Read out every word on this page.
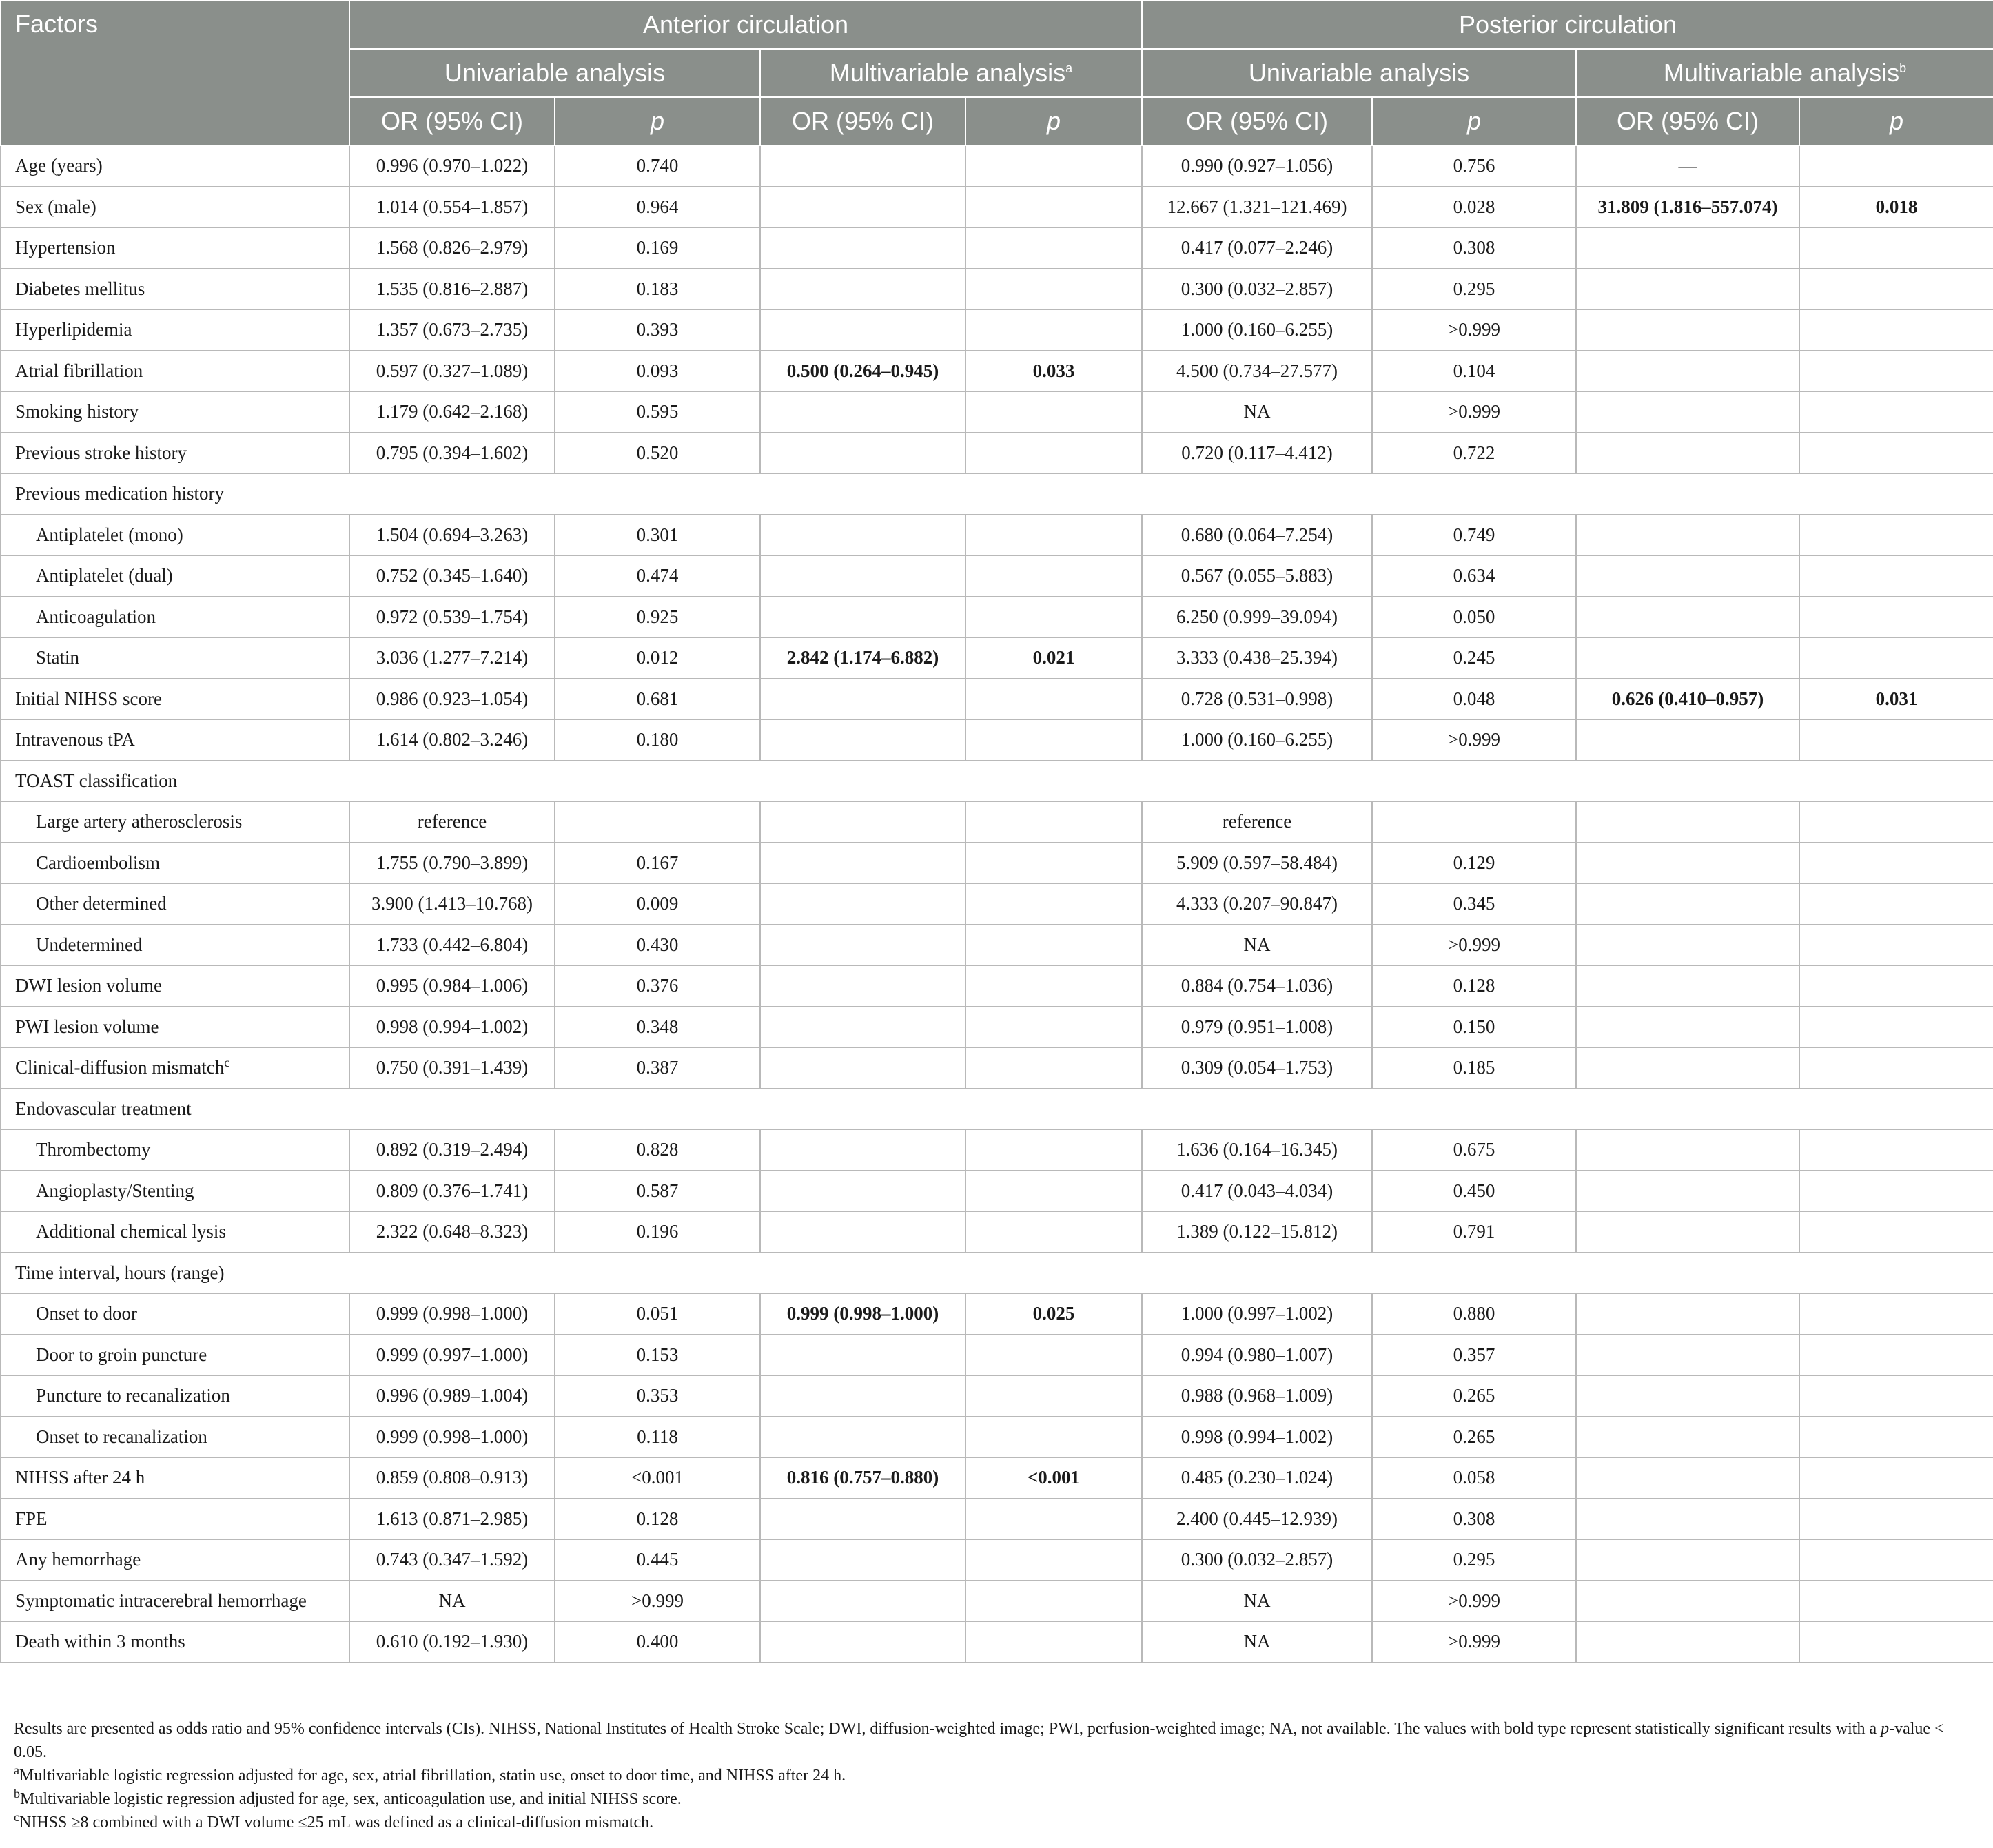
Factors	Anterior circulation				Posterior circulation			
	Univariable analysis		Multivariable analysis$^a$		Univariable analysis		Multivariable analysis$^b$
	OR (95% CI)	p	OR (95% CI)	p	OR (95% CI)	p	OR (95% CI)	p
Age (years)	0.996 (0.970–1.022)	0.740			0.990 (0.927–1.056)	0.756	—	
Sex (male)	1.014 (0.554–1.857)	0.964			12.667 (1.321–121.469)	0.028	31.809 (1.816–557.074)	0.018
Hypertension	1.568 (0.826–2.979)	0.169			0.417 (0.077–2.246)	0.308		
Diabetes mellitus	1.535 (0.816–2.887)	0.183			0.300 (0.032–2.857)	0.295		
Hyperlipidemia	1.357 (0.673–2.735)	0.393			1.000 (0.160–6.255)	>0.999		
Atrial fibrillation	0.597 (0.327–1.089)	0.093	0.500 (0.264–0.945)	0.033	4.500 (0.734–27.577)	0.104		
Smoking history	1.179 (0.642–2.168)	0.595			NA	>0.999		
Previous stroke history	0.795 (0.394–1.602)	0.520			0.720 (0.117–4.412)	0.722		
Previous medication history								
Antiplatelet (mono)	1.504 (0.694–3.263)	0.301			0.680 (0.064–7.254)	0.749		
Antiplatelet (dual)	0.752 (0.345–1.640)	0.474			0.567 (0.055–5.883)	0.634		
Anticoagulation	0.972 (0.539–1.754)	0.925			6.250 (0.999–39.094)	0.050		
Statin	3.036 (1.277–7.214)	0.012	2.842 (1.174–6.882)	0.021	3.333 (0.438–25.394)	0.245		
Initial NIHSS score	0.986 (0.923–1.054)	0.681			0.728 (0.531–0.998)	0.048	0.626 (0.410–0.957)	0.031
Intravenous tPA	1.614 (0.802–3.246)	0.180			1.000 (0.160–6.255)	>0.999		
TOAST classification								
Large artery atherosclerosis	reference				reference			
Cardioembolism	1.755 (0.790–3.899)	0.167			5.909 (0.597–58.484)	0.129		
Other determined	3.900 (1.413–10.768)	0.009			4.333 (0.207–90.847)	0.345		
Undetermined	1.733 (0.442–6.804)	0.430			NA	>0.999		
DWI lesion volume	0.995 (0.984–1.006)	0.376			0.884 (0.754–1.036)	0.128		
PWI lesion volume	0.998 (0.994–1.002)	0.348			0.979 (0.951–1.008)	0.150		
Clinical-diffusion mismatch$^c$	0.750 (0.391–1.439)	0.387			0.309 (0.054–1.753)	0.185		
Endovascular treatment								
Thrombectomy	0.892 (0.319–2.494)	0.828			1.636 (0.164–16.345)	0.675		
Angioplasty/Stenting	0.809 (0.376–1.741)	0.587			0.417 (0.043–4.034)	0.450		
Additional chemical lysis	2.322 (0.648–8.323)	0.196			1.389 (0.122–15.812)	0.791		
Time interval, hours (range)								
Onset to door	0.999 (0.998–1.000)	0.051	0.999 (0.998–1.000)	0.025	1.000 (0.997–1.002)	0.880		
Door to groin puncture	0.999 (0.997–1.000)	0.153			0.994 (0.980–1.007)	0.357		
Puncture to recanalization	0.996 (0.989–1.004)	0.353			0.988 (0.968–1.009)	0.265		
Onset to recanalization	0.999 (0.998–1.000)	0.118			0.998 (0.994–1.002)	0.265		
NIHSS after 24 h	0.859 (0.808–0.913)	<0.001	0.816 (0.757–0.880)	<0.001	0.485 (0.230–1.024)	0.058		
FPE	1.613 (0.871–2.985)	0.128			2.400 (0.445–12.939)	0.308		
Any hemorrhage	0.743 (0.347–1.592)	0.445			0.300 (0.032–2.857)	0.295		
Symptomatic intracerebral hemorrhage	NA	>0.999			NA	>0.999		
Death within 3 months	0.610 (0.192–1.930)	0.400			NA	>0.999		

Results are presented as odds ratio and 95% confidence intervals (CIs). NIHSS, National Institutes of Health Stroke Scale; DWI, diffusion-weighted image; PWI, perfusion-weighted image; NA, not available. The values with bold type represent statistically significant results with a p-value < 0.05.

$^a$Multivariable logistic regression adjusted for age, sex, atrial fibrillation, statin use, onset to door time, and NIHSS after 24 h.

$^b$Multivariable logistic regression adjusted for age, sex, anticoagulation use, and initial NIHSS score.

$^c$NIHSS ≥8 combined with a DWI volume ≤25 mL was defined as a clinical-diffusion mismatch.
